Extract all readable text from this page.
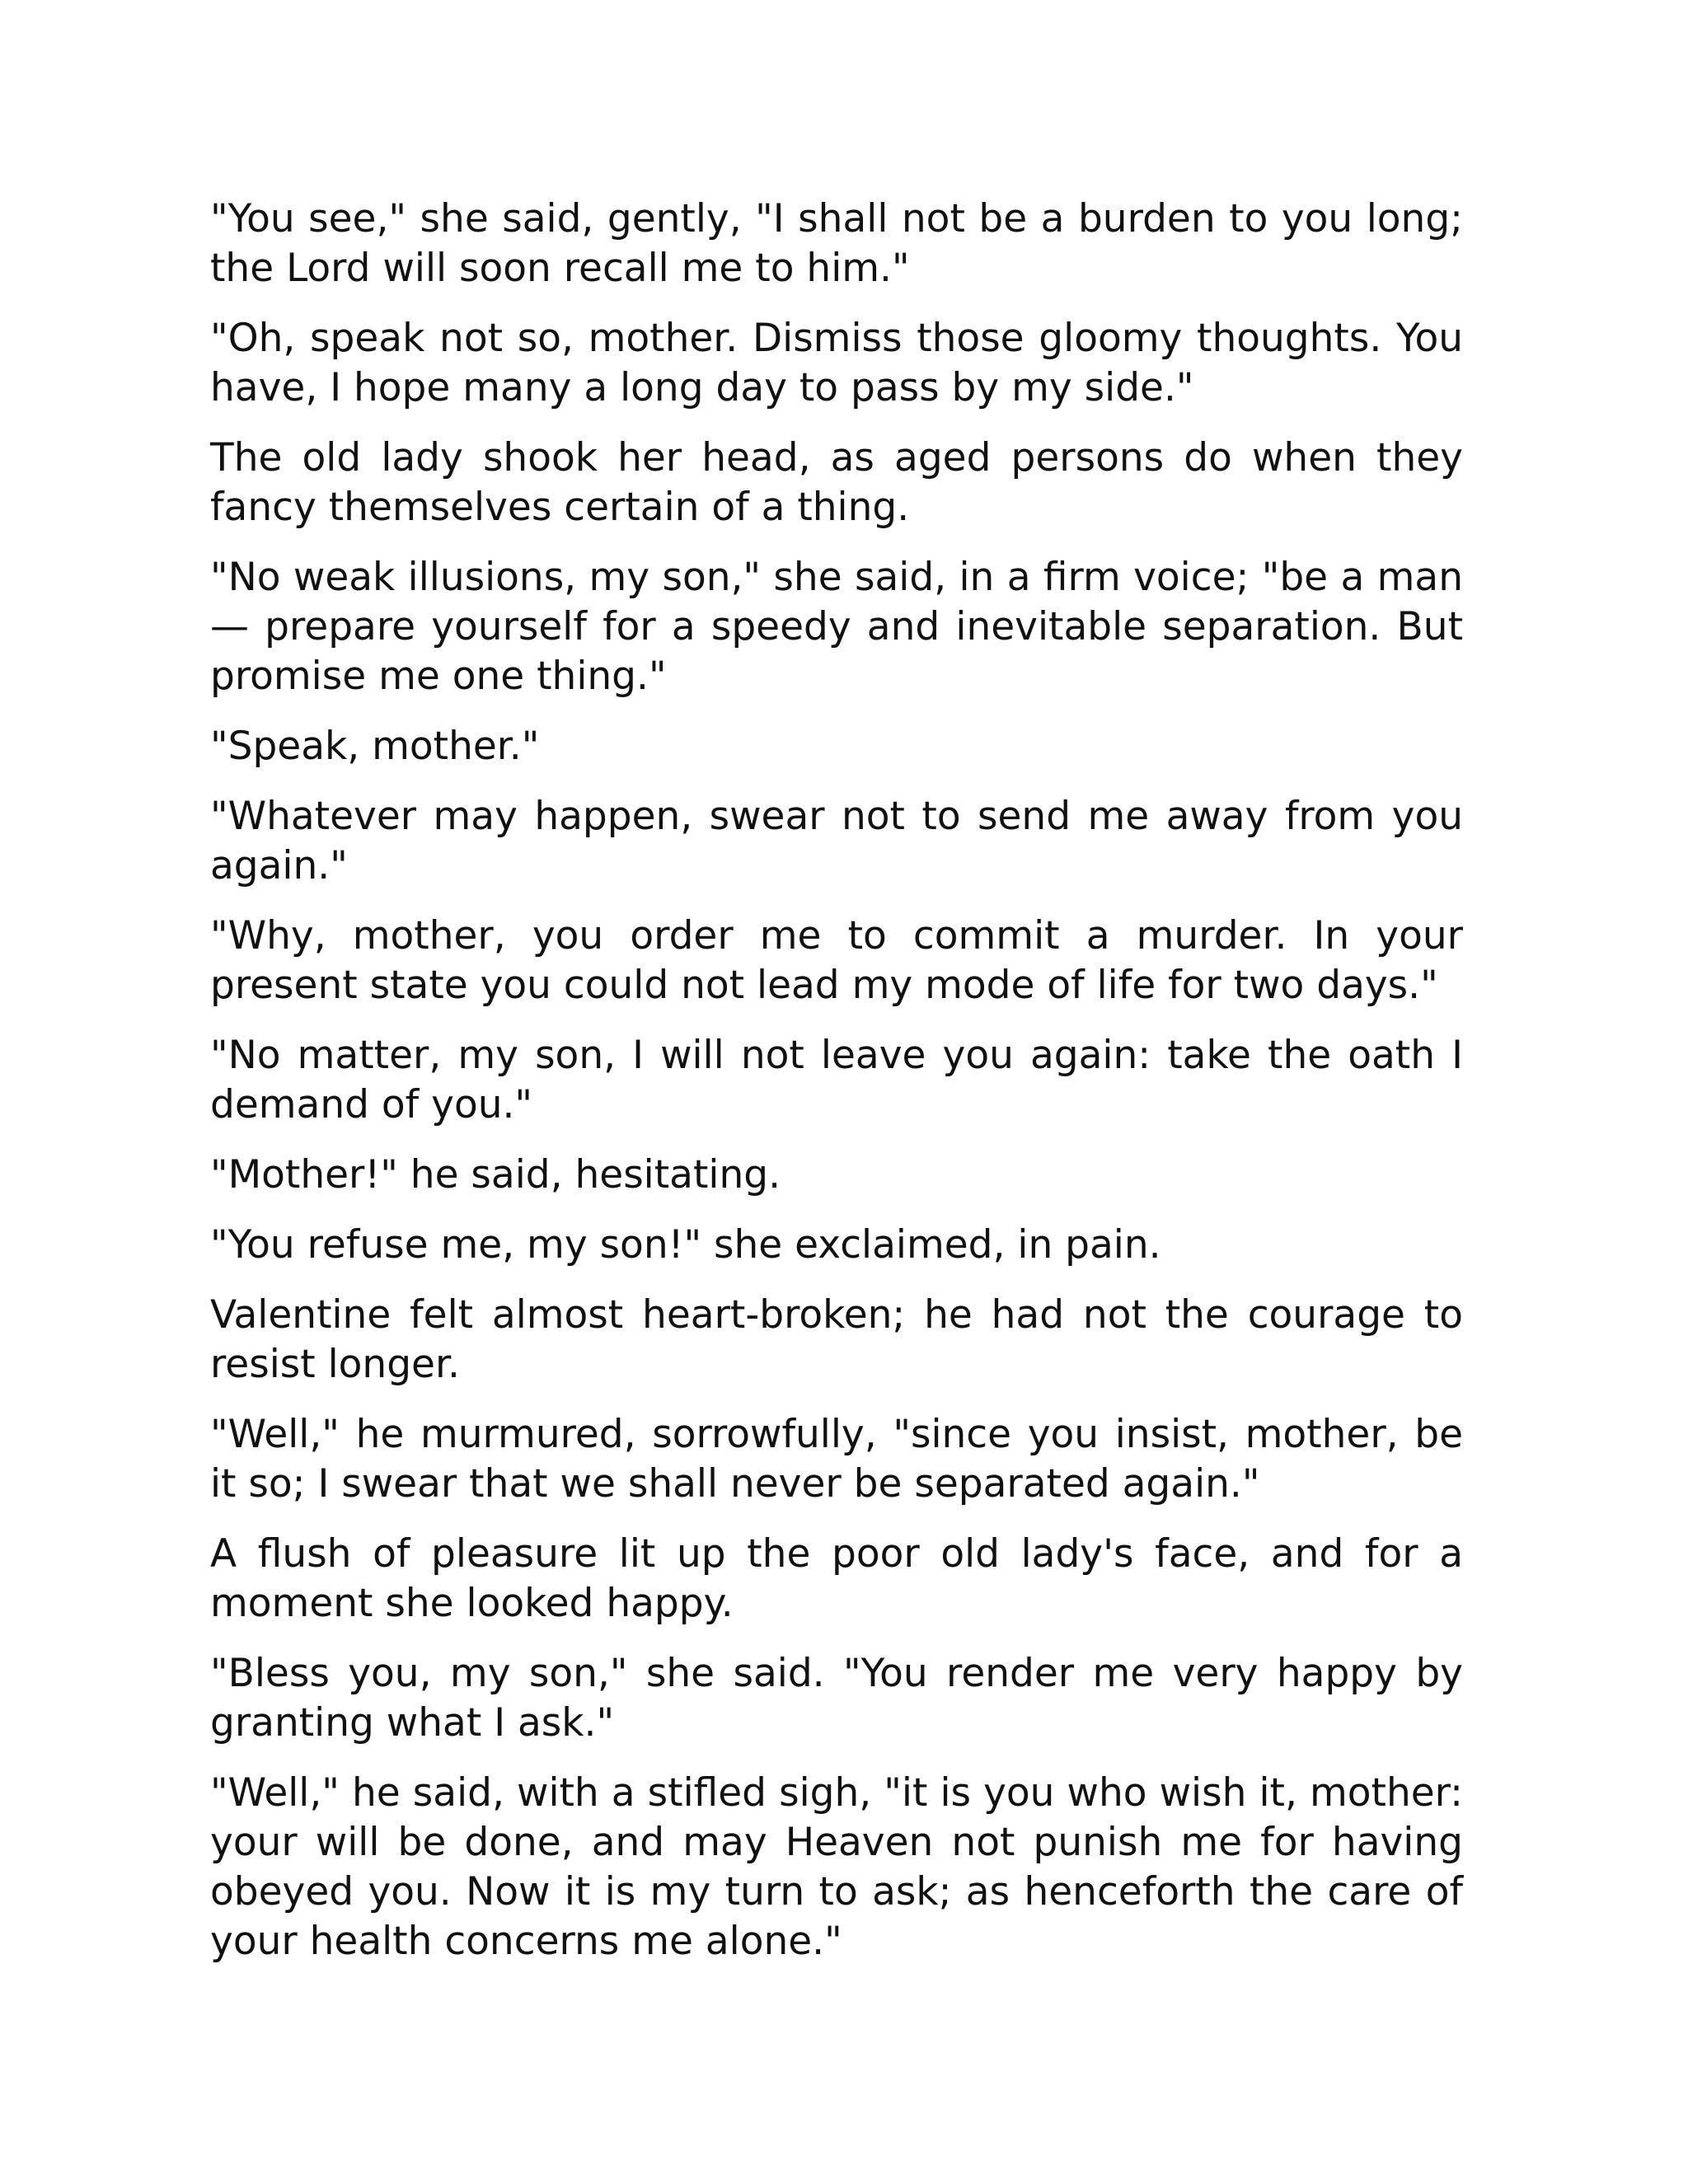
"You see," she said, gently, "I shall not be a burden to you long; the Lord will soon recall me to him."

"Oh, speak not so, mother. Dismiss those gloomy thoughts. You have, I hope many a long day to pass by my side."

The old lady shook her head, as aged persons do when they fancy themselves certain of a thing.

"No weak illusions, my son," she said, in a firm voice; "be a man— prepare yourself for a speedy and inevitable separation. But promise me one thing."

"Speak, mother."

"Whatever may happen, swear not to send me away from you again."

"Why, mother, you order me to commit a murder. In your present state you could not lead my mode of life for two days."

"No matter, my son, I will not leave you again: take the oath I demand of you."

"Mother!" he said, hesitating.

"You refuse me, my son!" she exclaimed, in pain.

Valentine felt almost heart-broken; he had not the courage to resist longer.

"Well," he murmured, sorrowfully, "since you insist, mother, be it so; I swear that we shall never be separated again."

A flush of pleasure lit up the poor old lady's face, and for a moment she looked happy.

"Bless you, my son," she said. "You render me very happy by granting what I ask."

"Well," he said, with a stifled sigh, "it is you who wish it, mother: your will be done, and may Heaven not punish me for having obeyed you. Now it is my turn to ask; as henceforth the care of your health concerns me alone."
